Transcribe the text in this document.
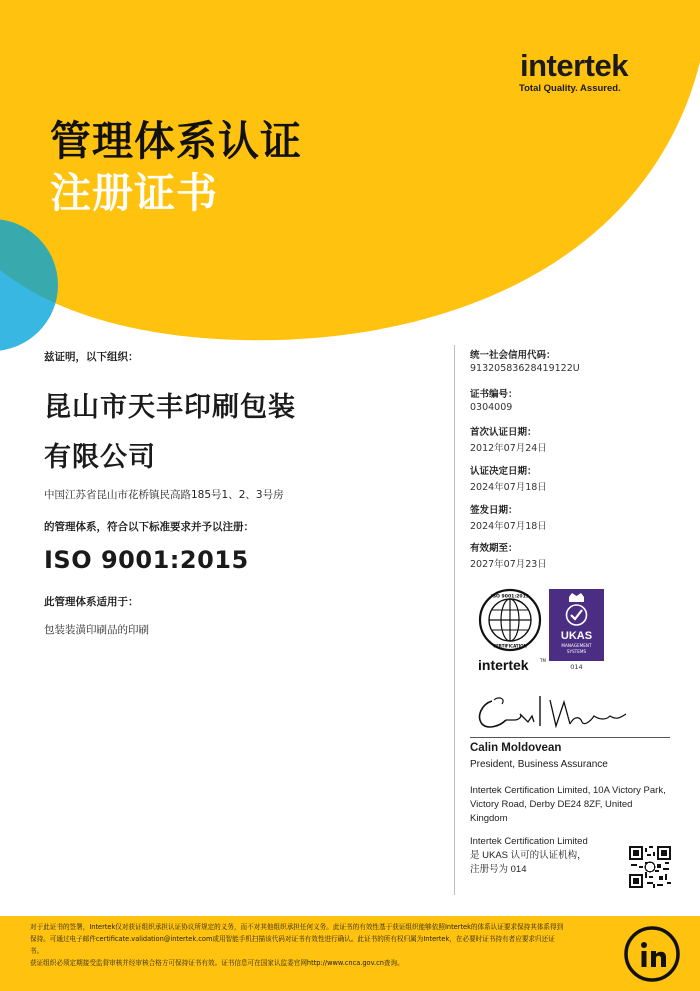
intertek
Total Quality. Assured.
管理体系认证
注册证书
兹证明，以下组织：
昆山市天丰印刷包装
有限公司
中国江苏省昆山市花桥镇民高路185号1、2、3号房
的管理体系，符合以下标准要求并予以注册：
ISO 9001:2015
此管理体系适用于：
包装装潢印刷品的印刷
统一社会信用代码：
91320583628419122U
证书编号：
0304009
首次认证日期：
2012年07月24日
认证决定日期：
2024年07月18日
签发日期：
2024年07月18日
有效期至：
2027年07月23日
ISO 9001:2015
CERTIFICATION
intertek	TM
UKAS
MANAGEMENT
SYSTEMS
014
Calin Moldovean
President, Business Assurance
Intertek Certification Limited, 10A Victory Park, Victory Road, Derby DE24 8ZF, United Kingdom
Intertek Certification Limited
是 UKAS 认可的认证机构，
注册号为 014
对于此证书的签署，Intertek仅对获证组织承担认证协议所规定的义务，而不对其他组织承担任何义务。此证书的有效性基于获证组织能够依照Intertek的体系认证要求保持其体系得到
保持。可通过电子邮件certificate.validation@intertek.com或用智能手机扫描该代码对证书有效性进行确认。此证书的所有权归属为Intertek，在必要时证书持有者应要求归还证
书。
获证组织必须定期接受监督审核并经审核合格方可保持证书有效。证书信息可在国家认监委官网http://www.cnca.gov.cn查询。
